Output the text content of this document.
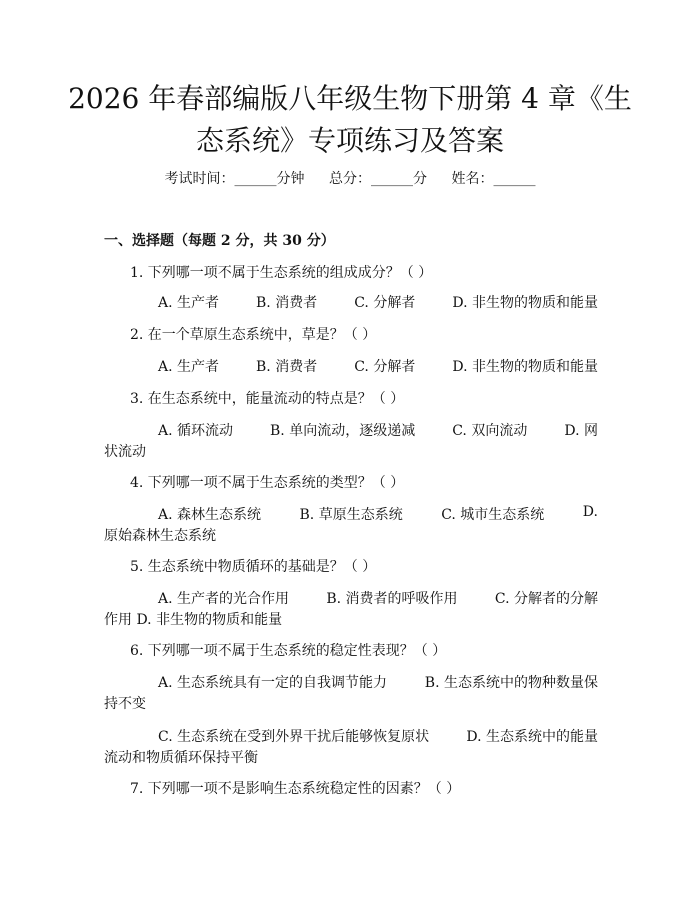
2026 年春部编版八年级生物下册第 4 章《生
态系统》专项练习及答案
考试时间：______分钟 总分：______分 姓名：______
一、选择题（每题 2 分，共 30 分）
1. 下列哪一项不属于生态系统的组成成分？（ ）
A. 生产者	B. 消费者	C. 分解者	D. 非生物的物质和能量
2. 在一个草原生态系统中，草是？（ ）
A. 生产者	B. 消费者	C. 分解者	D. 非生物的物质和能量
3. 在生态系统中，能量流动的特点是？（ ）
A. 循环流动	B. 单向流动，逐级递减	C. 双向流动	D. 网
状流动
4. 下列哪一项不属于生态系统的类型？（ ）
A. 森林生态系统	B. 草原生态系统	C. 城市生态系统	D.
原始森林生态系统
5. 生态系统中物质循环的基础是？（ ）
A. 生产者的光合作用	B. 消费者的呼吸作用	C. 分解者的分解
作用 D. 非生物的物质和能量
6. 下列哪一项不属于生态系统的稳定性表现？（ ）
A. 生态系统具有一定的自我调节能力	B. 生态系统中的物种数量保
持不变
C. 生态系统在受到外界干扰后能够恢复原状	D. 生态系统中的能量
流动和物质循环保持平衡
7. 下列哪一项不是影响生态系统稳定性的因素？（ ）
